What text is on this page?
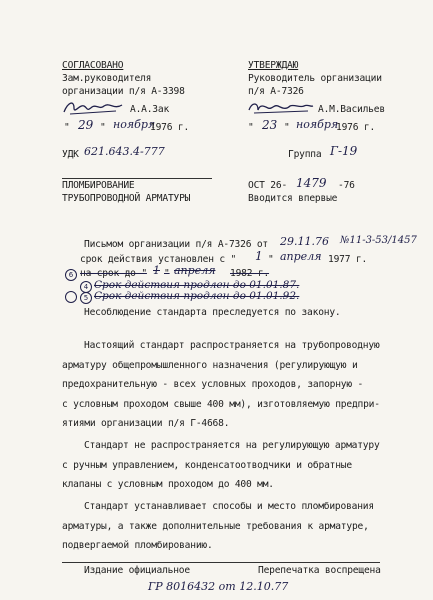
СОГЛАСОВАНО
Зам.руководителя
организации п/я А-3398
А.А.Зак
" 29 " ноября
1976 г.
УТВЕРЖДАЮ
Руководитель организации
п/я А-7326
А.М.Васильев
" 23 " ноября
1976 г.
УДК 621.643.4-777	Группа Г-19
ПЛОМБИРОВАНИЕ
ТРУБОПРОВОДНОЙ АРМАТУРЫ
ОСТ 26- 1479 -76
Вводится впервые
Письмом организации п/я А-7326 от 29.11.76 №11-3-53/1457
срок действия установлен с " 1 " апреля 1977 г.
6 на срок до " 1 " апреля 1982 г.
4 Срок действия продлен до 01.01.87.
5 Срок действия продлен до 01.01.92.
Несоблюдение стандарта преследуется по закону.
Настоящий стандарт распространяется на трубопроводную
арматуру общепромышленного назначения (регулирующую и
предохранительную - всех условных проходов, запорную -
с условным проходом свыше 400 мм), изготовляемую предпри-
ятиями организации п/я Г-4668.
Стандарт не распространяется на регулирующую арматуру
с ручным управлением, конденсатоотводчики и обратные
клапаны с условным проходом до 400 мм.
Стандарт устанавливает способы и место пломбирования
арматуры, а также дополнительные требования к арматуре,
подвергаемой пломбированию.
Издание официальное	Перепечатка воспрещена
ГР 8016432 от 12.10.77
